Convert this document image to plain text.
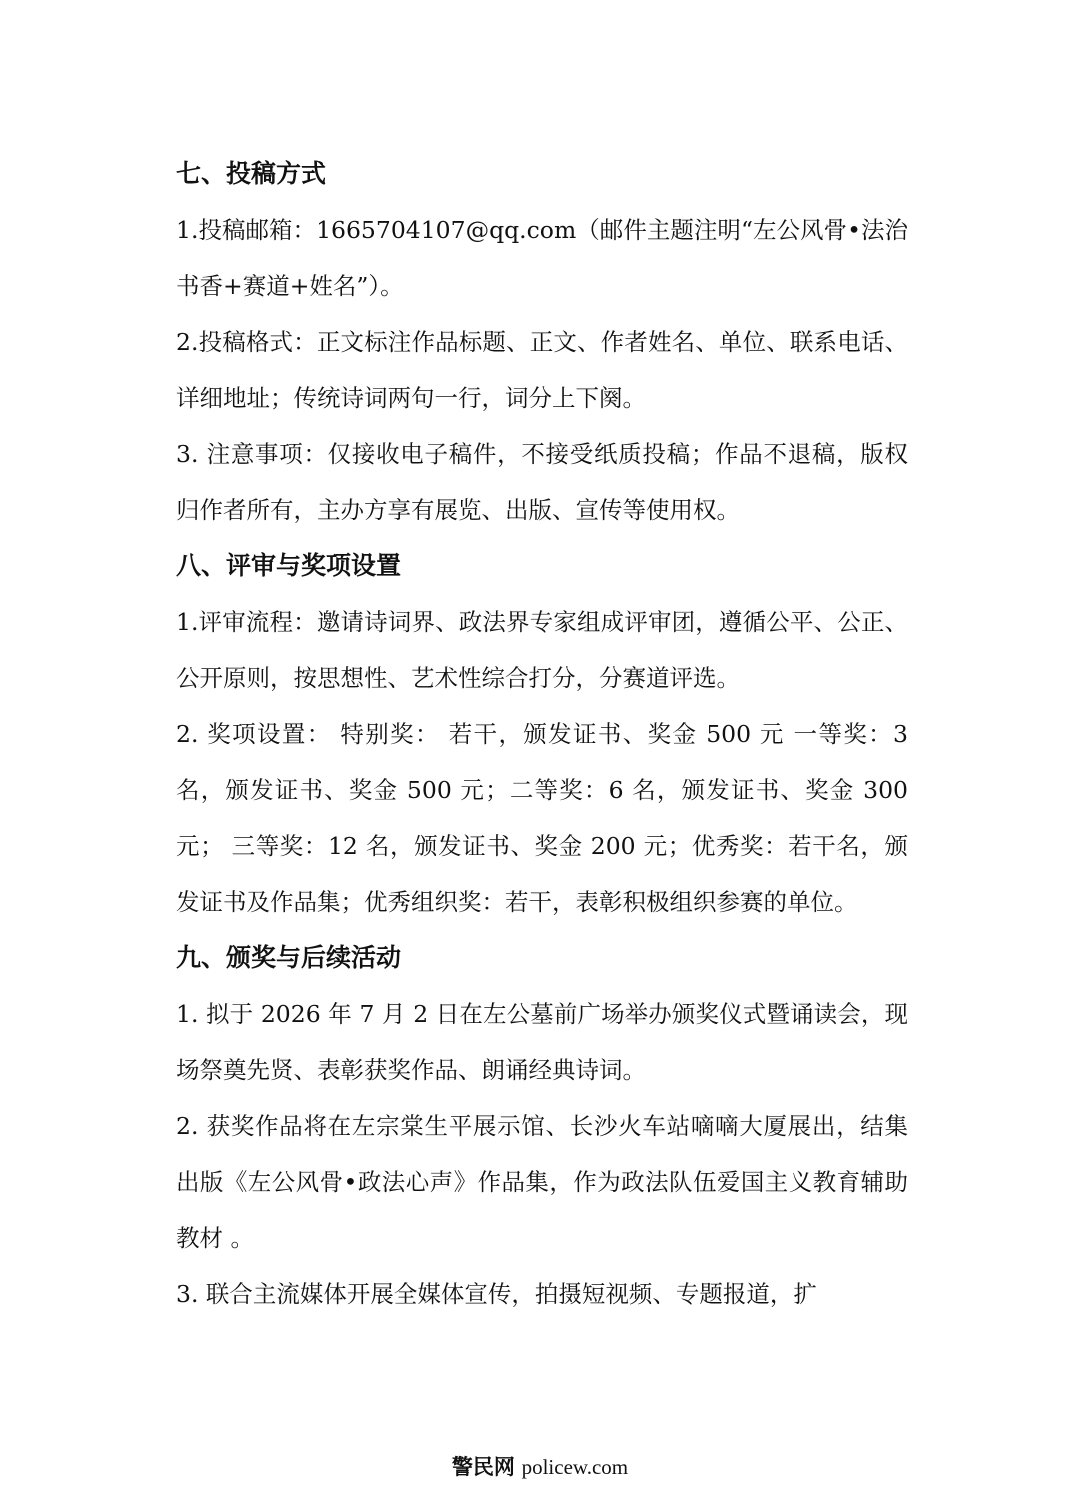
七、投稿方式

1.投稿邮箱：1665704107@qq.com（邮件主题注明“左公风骨•法治书香+赛道+姓名”）。

2.投稿格式：正文标注作品标题、正文、作者姓名、单位、联系电话、详细地址；传统诗词两句一行，词分上下阕。

3. 注意事项：仅接收电子稿件，不接受纸质投稿；作品不退稿，版权归作者所有，主办方享有展览、出版、宣传等使用权。

八、评审与奖项设置

1.评审流程：邀请诗词界、政法界专家组成评审团，遵循公平、公正、公开原则，按思想性、艺术性综合打分，分赛道评选。

2. 奖项设置： 特别奖： 若干，颁发证书、奖金 500 元 一等奖：3 名，颁发证书、奖金 500 元；二等奖：6 名，颁发证书、奖金 300 元； 三等奖：12 名，颁发证书、奖金 200 元；优秀奖：若干名，颁发证书及作品集；优秀组织奖：若干，表彰积极组织参赛的单位。

九、颁奖与后续活动

1. 拟于 2026 年 7 月 2 日在左公墓前广场举办颁奖仪式暨诵读会，现场祭奠先贤、表彰获奖作品、朗诵经典诗词。

2. 获奖作品将在左宗棠生平展示馆、长沙火车站嘀嘀大厦展出，结集出版《左公风骨•政法心声》作品集，作为政法队伍爱国主义教育辅助教材 。

3. 联合主流媒体开展全媒体宣传，拍摄短视频、专题报道，扩

警民网 policew.com
